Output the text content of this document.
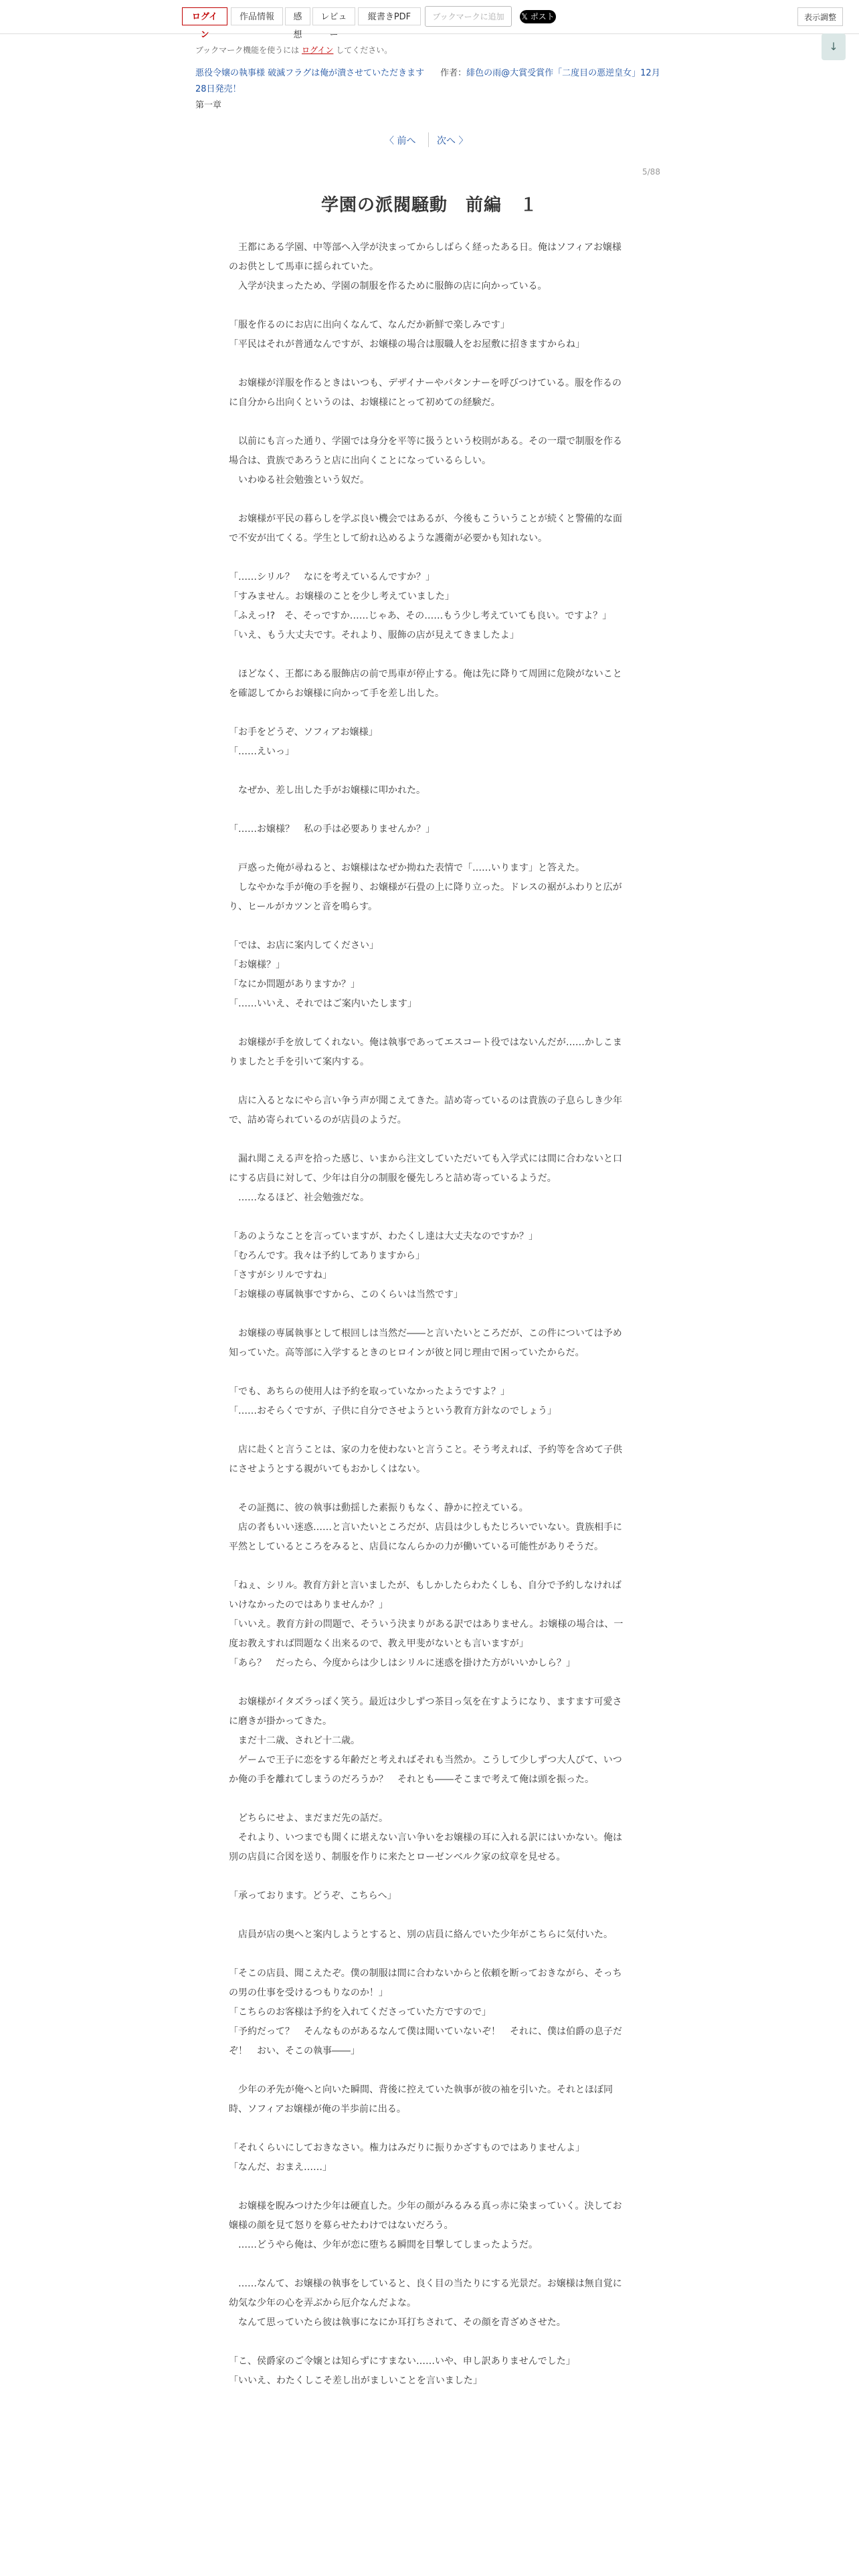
ログイン
作品情報	感想
レビュー
縦書きPDF	ブックマークに追加	𝕏 ポスト	表示調整
↓
ブックマーク機能を使うには ログイン してください。
悪役令嬢の執事様 破滅フラグは俺が潰させていただきます 作者：緋色の雨@大賞受賞作「二度目の悪逆皇女」12月28日発売！
第一章
〈 前へ 次へ 〉
5/88
学園の派閥騒動　前編　１

　王都にある学園、中等部へ入学が決まってからしばらく経ったある日。俺はソフィアお嬢様のお供として馬車に揺られていた。
　入学が決まったため、学園の制服を作るために服飾の店に向かっている。

「服を作るのにお店に出向くなんて、なんだか新鮮で楽しみです」
「平民はそれが普通なんですが、お嬢様の場合は服職人をお屋敷に招きますからね」

　お嬢様が洋服を作るときはいつも、デザイナーやパタンナーを呼びつけている。服を作るのに自分から出向くというのは、お嬢様にとって初めての経験だ。

　以前にも言った通り、学園では身分を平等に扱うという校則がある。その一環で制服を作る場合は、貴族であろうと店に出向くことになっているらしい。
　いわゆる社会勉強という奴だ。

　お嬢様が平民の暮らしを学ぶ良い機会ではあるが、今後もこういうことが続くと警備的な面で不安が出てくる。学生として紛れ込めるような護衛が必要かも知れない。

「……シリル？　なにを考えているんですか？」
「すみません。お嬢様のことを少し考えていました」
「ふえっ!?　そ、そっですか……じゃあ、その……もう少し考えていても良い。ですよ？」
「いえ、もう大丈夫です。それより、服飾の店が見えてきましたよ」

　ほどなく、王都にある服飾店の前で馬車が停止する。俺は先に降りて周囲に危険がないことを確認してからお嬢様に向かって手を差し出した。

「お手をどうぞ、ソフィアお嬢様」
「……えいっ」

　なぜか、差し出した手がお嬢様に叩かれた。

「……お嬢様？　私の手は必要ありませんか？」

　戸惑った俺が尋ねると、お嬢様はなぜか拗ねた表情で「……いります」と答えた。
　しなやかな手が俺の手を握り、お嬢様が石畳の上に降り立った。ドレスの裾がふわりと広がり、ヒールがカツンと音を鳴らす。

「では、お店に案内してください」
「お嬢様？」
「なにか問題がありますか？」
「……いいえ、それではご案内いたします」

　お嬢様が手を放してくれない。俺は執事であってエスコート役ではないんだが……かしこまりましたと手を引いて案内する。

　店に入るとなにやら言い争う声が聞こえてきた。詰め寄っているのは貴族の子息らしき少年で、詰め寄られているのが店員のようだ。

　漏れ聞こえる声を拾った感じ、いまから注文していただいても入学式には間に合わないと口にする店員に対して、少年は自分の制服を優先しろと詰め寄っているようだ。
　……なるほど、社会勉強だな。

「あのようなことを言っていますが、わたくし達は大丈夫なのですか？」
「むろんです。我々は予約してありますから」
「さすがシリルですね」
「お嬢様の専属執事ですから、このくらいは当然です」

　お嬢様の専属執事として根回しは当然だ――と言いたいところだが、この件については予め知っていた。高等部に入学するときのヒロインが彼と同じ理由で困っていたからだ。

「でも、あちらの使用人は予約を取っていなかったようですよ？」
「……おそらくですが、子供に自分でさせようという教育方針なのでしょう」

　店に赴くと言うことは、家の力を使わないと言うこと。そう考えれば、予約等を含めて子供にさせようとする親がいてもおかしくはない。

　その証拠に、彼の執事は動揺した素振りもなく、静かに控えている。
　店の者もいい迷惑……と言いたいところだが、店員は少しもたじろいでいない。貴族相手に平然としているところをみると、店員になんらかの力が働いている可能性がありそうだ。

「ねぇ、シリル。教育方針と言いましたが、もしかしたらわたくしも、自分で予約しなければいけなかったのではありませんか？」
「いいえ。教育方針の問題で、そういう決まりがある訳ではありません。お嬢様の場合は、一度お教えすれば問題なく出来るので、教え甲斐がないとも言いますが」
「あら？　だったら、今度からは少しはシリルに迷惑を掛けた方がいいかしら？」

　お嬢様がイタズラっぽく笑う。最近は少しずつ茶目っ気を在すようになり、ますます可愛さに磨きが掛かってきた。
　まだ十二歳、されど十二歳。
　ゲームで王子に恋をする年齢だと考えればそれも当然か。こうして少しずつ大人びて、いつか俺の手を離れてしまうのだろうか？　それとも――そこまで考えて俺は頭を振った。

　どちらにせよ、まだまだ先の話だ。
　それより、いつまでも聞くに堪えない言い争いをお嬢様の耳に入れる訳にはいかない。俺は別の店員に合図を送り、制服を作りに来たとローゼンベルク家の紋章を見せる。

「承っております。どうぞ、こちらへ」

　店員が店の奥へと案内しようとすると、別の店員に絡んでいた少年がこちらに気付いた。

「そこの店員、聞こえたぞ。僕の制服は間に合わないからと依頼を断っておきながら、そっちの男の仕事を受けるつもりなのか！」
「こちらのお客様は予約を入れてくださっていた方ですので」
「予約だって？　そんなものがあるなんて僕は聞いていないぞ！　それに、僕は伯爵の息子だぞ！　おい、そこの執事――」

　少年の矛先が俺へと向いた瞬間、背後に控えていた執事が彼の袖を引いた。それとほぼ同時、ソフィアお嬢様が俺の半歩前に出る。

「それくらいにしておきなさい。権力はみだりに振りかざすものではありませんよ」
「なんだ、おまえ……」

　お嬢様を睨みつけた少年は硬直した。少年の顔がみるみる真っ赤に染まっていく。決してお嬢様の顔を見て怒りを募らせたわけではないだろう。
　……どうやら俺は、少年が恋に堕ちる瞬間を目撃してしまったようだ。

　……なんて、お嬢様の執事をしていると、良く目の当たりにする光景だ。お嬢様は無自覚に幼気な少年の心を弄ぶから厄介なんだよな。
　なんて思っていたら彼は執事になにか耳打ちされて、その顔を青ざめさせた。

「こ、侯爵家のご令嬢とは知らずにすまない……いや、申し訳ありませんでした」
「いいえ、わたくしこそ差し出がましいことを言いました」
